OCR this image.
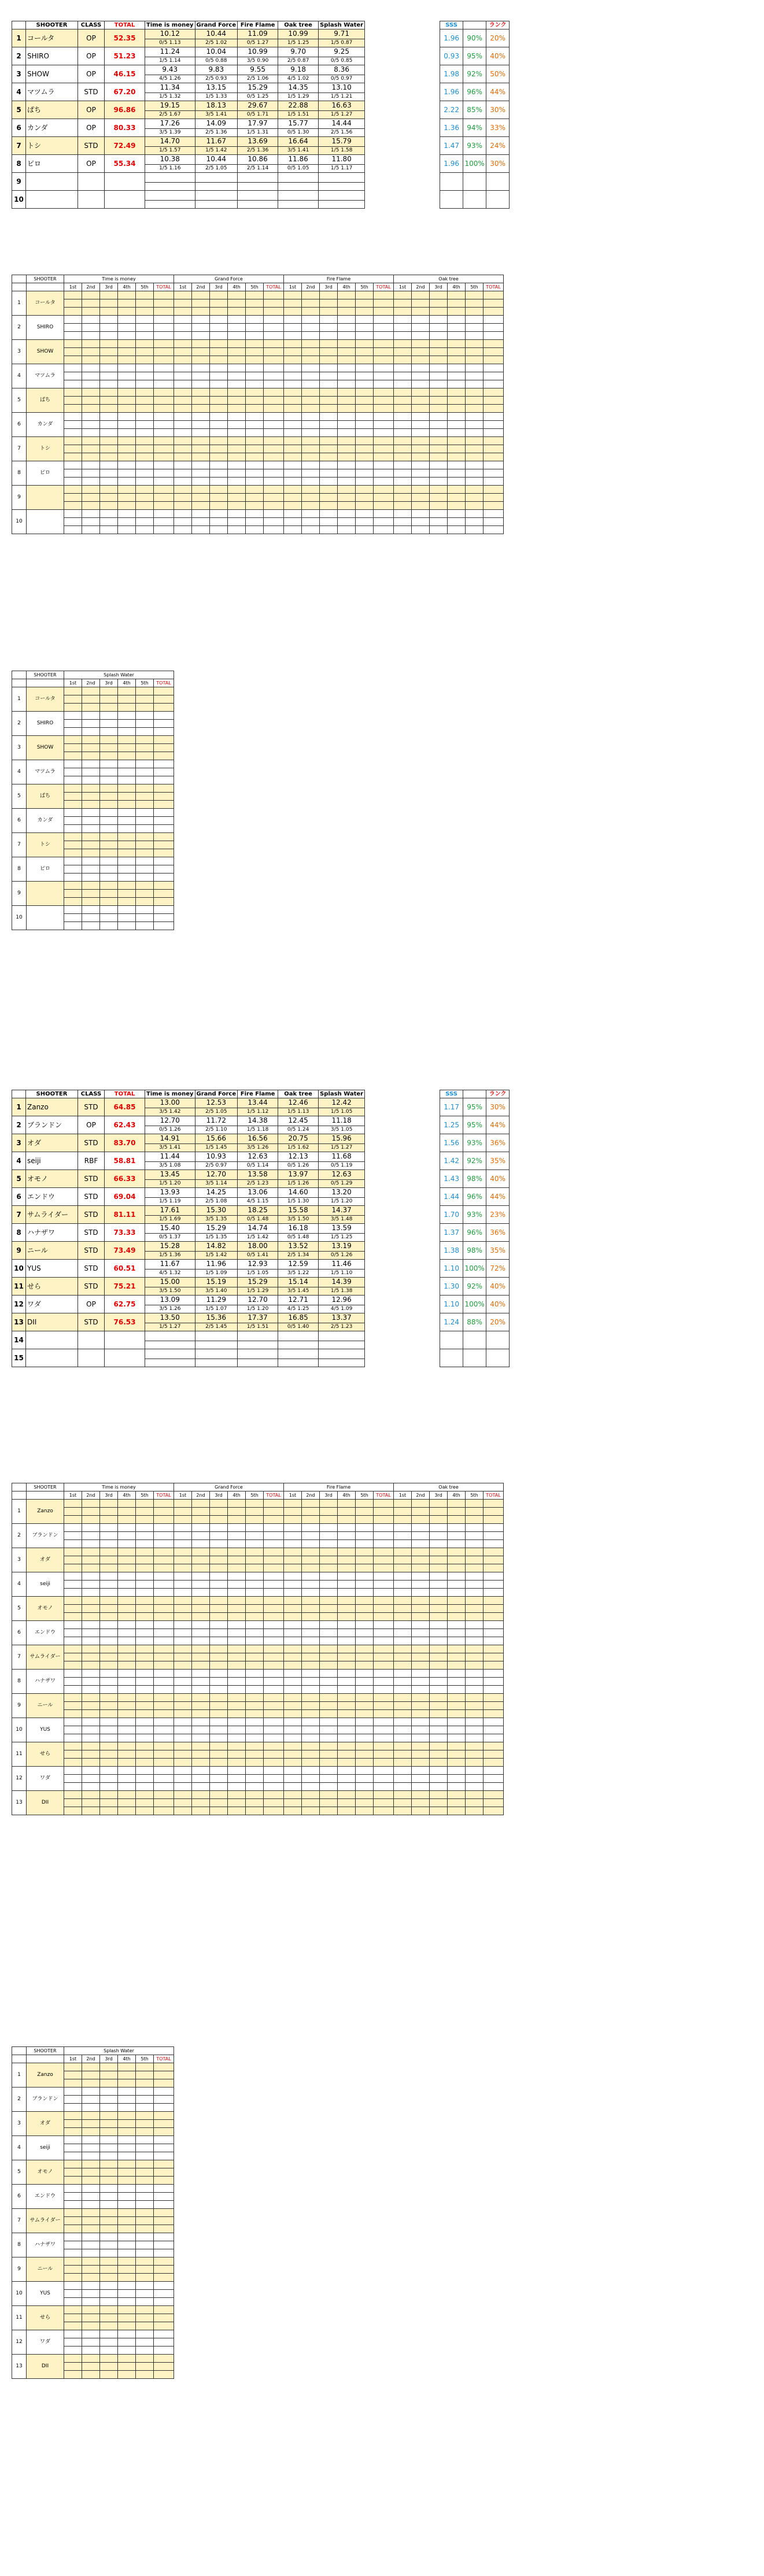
	SHOOTER	CLASS	TOTAL	Time is money	Grand Force	Fire Flame	Oak tree	Splash Water		SSS		ランク
1	コールタ	OP	52.35	10.12	10.44	11.09	10.99	9.71		1.96	90%	20%
				0/5 1.13	2/5 1.02	0/5 1.27	1/5 1.25	1/5 0.87				
2	SHIRO	OP	51.23	11.24	10.04	10.99	9.70	9.25		0.93	95%	40%
				1/5 1.14	0/5 0.88	3/5 0.90	2/5 0.87	0/5 0.85				
3	SHOW	OP	46.15	9.43	9.83	9.55	9.18	8.36		1.98	92%	50%
				4/5 1.26	2/5 0.93	2/5 1.06	4/5 1.02	0/5 0.97				
4	マツムラ	STD	67.20	11.34	13.15	15.29	14.35	13.10		1.96	96%	44%
				1/5 1.32	1/5 1.33	0/5 1.25	1/5 1.29	1/5 1.21				
5	ぱち	OP	96.86	19.15	18.13	29.67	22.88	16.63		2.22	85%	30%
				2/5 1.67	3/5 1.41	0/5 1.71	1/5 1.51	1/5 1.27				
6	カンダ	OP	80.33	17.26	14.09	17.97	15.77	14.44		1.36	94%	33%
				3/5 1.39	2/5 1.36	1/5 1.31	0/5 1.30	2/5 1.56				
7	トシ	STD	72.49	14.70	11.67	13.69	16.64	15.79		1.47	93%	24%
				1/5 1.57	1/5 1.42	2/5 1.36	3/5 1.41	1/5 1.58				
8	ピロ	OP	55.34	10.38	10.44	10.86	11.86	11.80		1.96	100%	30%
				1/5 1.16	2/5 1.05	2/5 1.14	0/5 1.05	1/5 1.17				
9												

10												

	SHOOTER	Time is money						Grand Force						Fire Flame						Oak tree					
		1st	2nd	3rd	4th	5th	TOTAL	1st	2nd	3rd	4th	5th	TOTAL	1st	2nd	3rd	4th	5th	TOTAL	1st	2nd	3rd	4th	5th	TOTAL
1	コールタ																								

2	SHIRO																								

3	SHOW																								

4	マツムラ																								

5	ぱち																								

6	カンダ																								

7	トシ																								

8	ピロ																								

9																									

10																									

	SHOOTER	Splash Water					
		1st	2nd	3rd	4th	5th	TOTAL
1	コールタ						

2	SHIRO						

3	SHOW						

4	マツムラ						

5	ぱち						

6	カンダ						

7	トシ						

8	ピロ						

9							

10							

	SHOOTER	CLASS	TOTAL	Time is money	Grand Force	Fire Flame	Oak tree	Splash Water		SSS		ランク
1	Zanzo	STD	64.85	13.00	12.53	13.44	12.46	12.42		1.17	95%	30%
				3/5 1.42	2/5 1.05	1/5 1.12	1/5 1.13	1/5 1.05				
2	ブランドン	OP	62.43	12.70	11.72	14.38	12.45	11.18		1.25	95%	44%
				0/5 1.26	2/5 1.10	1/5 1.18	0/5 1.24	3/5 1.05				
3	オダ	STD	83.70	14.91	15.66	16.56	20.75	15.96		1.56	93%	36%
				3/5 1.41	1/5 1.45	3/5 1.26	1/5 1.62	1/5 1.27				
4	seiji	RBF	58.81	11.44	10.93	12.63	12.13	11.68		1.42	92%	35%
				3/5 1.08	2/5 0.97	0/5 1.14	0/5 1.26	0/5 1.19				
5	オモノ	STD	66.33	13.45	12.70	13.58	13.97	12.63		1.43	98%	40%
				1/5 1.20	3/5 1.14	2/5 1.23	1/5 1.26	0/5 1.29				
6	エンドウ	STD	69.04	13.93	14.25	13.06	14.60	13.20		1.44	96%	44%
				1/5 1.19	2/5 1.08	4/5 1.15	1/5 1.30	1/5 1.20				
7	サムライダー	STD	81.11	17.61	15.30	18.25	15.58	14.37		1.70	93%	23%
				1/5 1.69	3/5 1.35	0/5 1.48	3/5 1.50	3/5 1.48				
8	ハナザワ	STD	73.33	15.40	15.29	14.74	16.18	13.59		1.37	96%	36%
				0/5 1.37	1/5 1.35	1/5 1.42	0/5 1.48	1/5 1.25				
9	ニール	STD	73.49	15.28	14.82	18.00	13.52	13.19		1.38	98%	35%
				1/5 1.36	1/5 1.42	0/5 1.41	2/5 1.34	0/5 1.26				
10	YUS	STD	60.51	11.67	11.96	12.93	12.59	11.46		1.10	100%	72%
				4/5 1.32	1/5 1.09	1/5 1.05	3/5 1.22	1/5 1.10				
11	せら	STD	75.21	15.00	15.19	15.29	15.14	14.39		1.30	92%	40%
				3/5 1.50	3/5 1.40	1/5 1.29	3/5 1.45	1/5 1.38				
12	ワダ	OP	62.75	13.09	11.29	12.70	12.71	12.96		1.10	100%	40%
				3/5 1.26	1/5 1.07	1/5 1.20	4/5 1.25	4/5 1.09				
13	DII	STD	76.53	13.50	15.36	17.37	16.85	13.37		1.24	88%	20%
				1/5 1.27	2/5 1.45	1/5 1.51	0/5 1.40	2/5 1.23				
14												

15												

	SHOOTER	Time is money						Grand Force						Fire Flame						Oak tree					
		1st	2nd	3rd	4th	5th	TOTAL	1st	2nd	3rd	4th	5th	TOTAL	1st	2nd	3rd	4th	5th	TOTAL	1st	2nd	3rd	4th	5th	TOTAL
1	Zanzo																								

2	ブランドン																								

3	オダ																								

4	seiji																								

5	オモノ																								

6	エンドウ																								

7	サムライダー																								

8	ハナザワ																								

9	ニール																								

10	YUS																								

11	せら																								

12	ワダ																								

13	DII																								

	SHOOTER	Splash Water					
		1st	2nd	3rd	4th	5th	TOTAL
1	Zanzo						

2	ブランドン						

3	オダ						

4	seiji						

5	オモノ						

6	エンドウ						

7	サムライダー						

8	ハナザワ						

9	ニール						

10	YUS						

11	せら						

12	ワダ						

13	DII						
